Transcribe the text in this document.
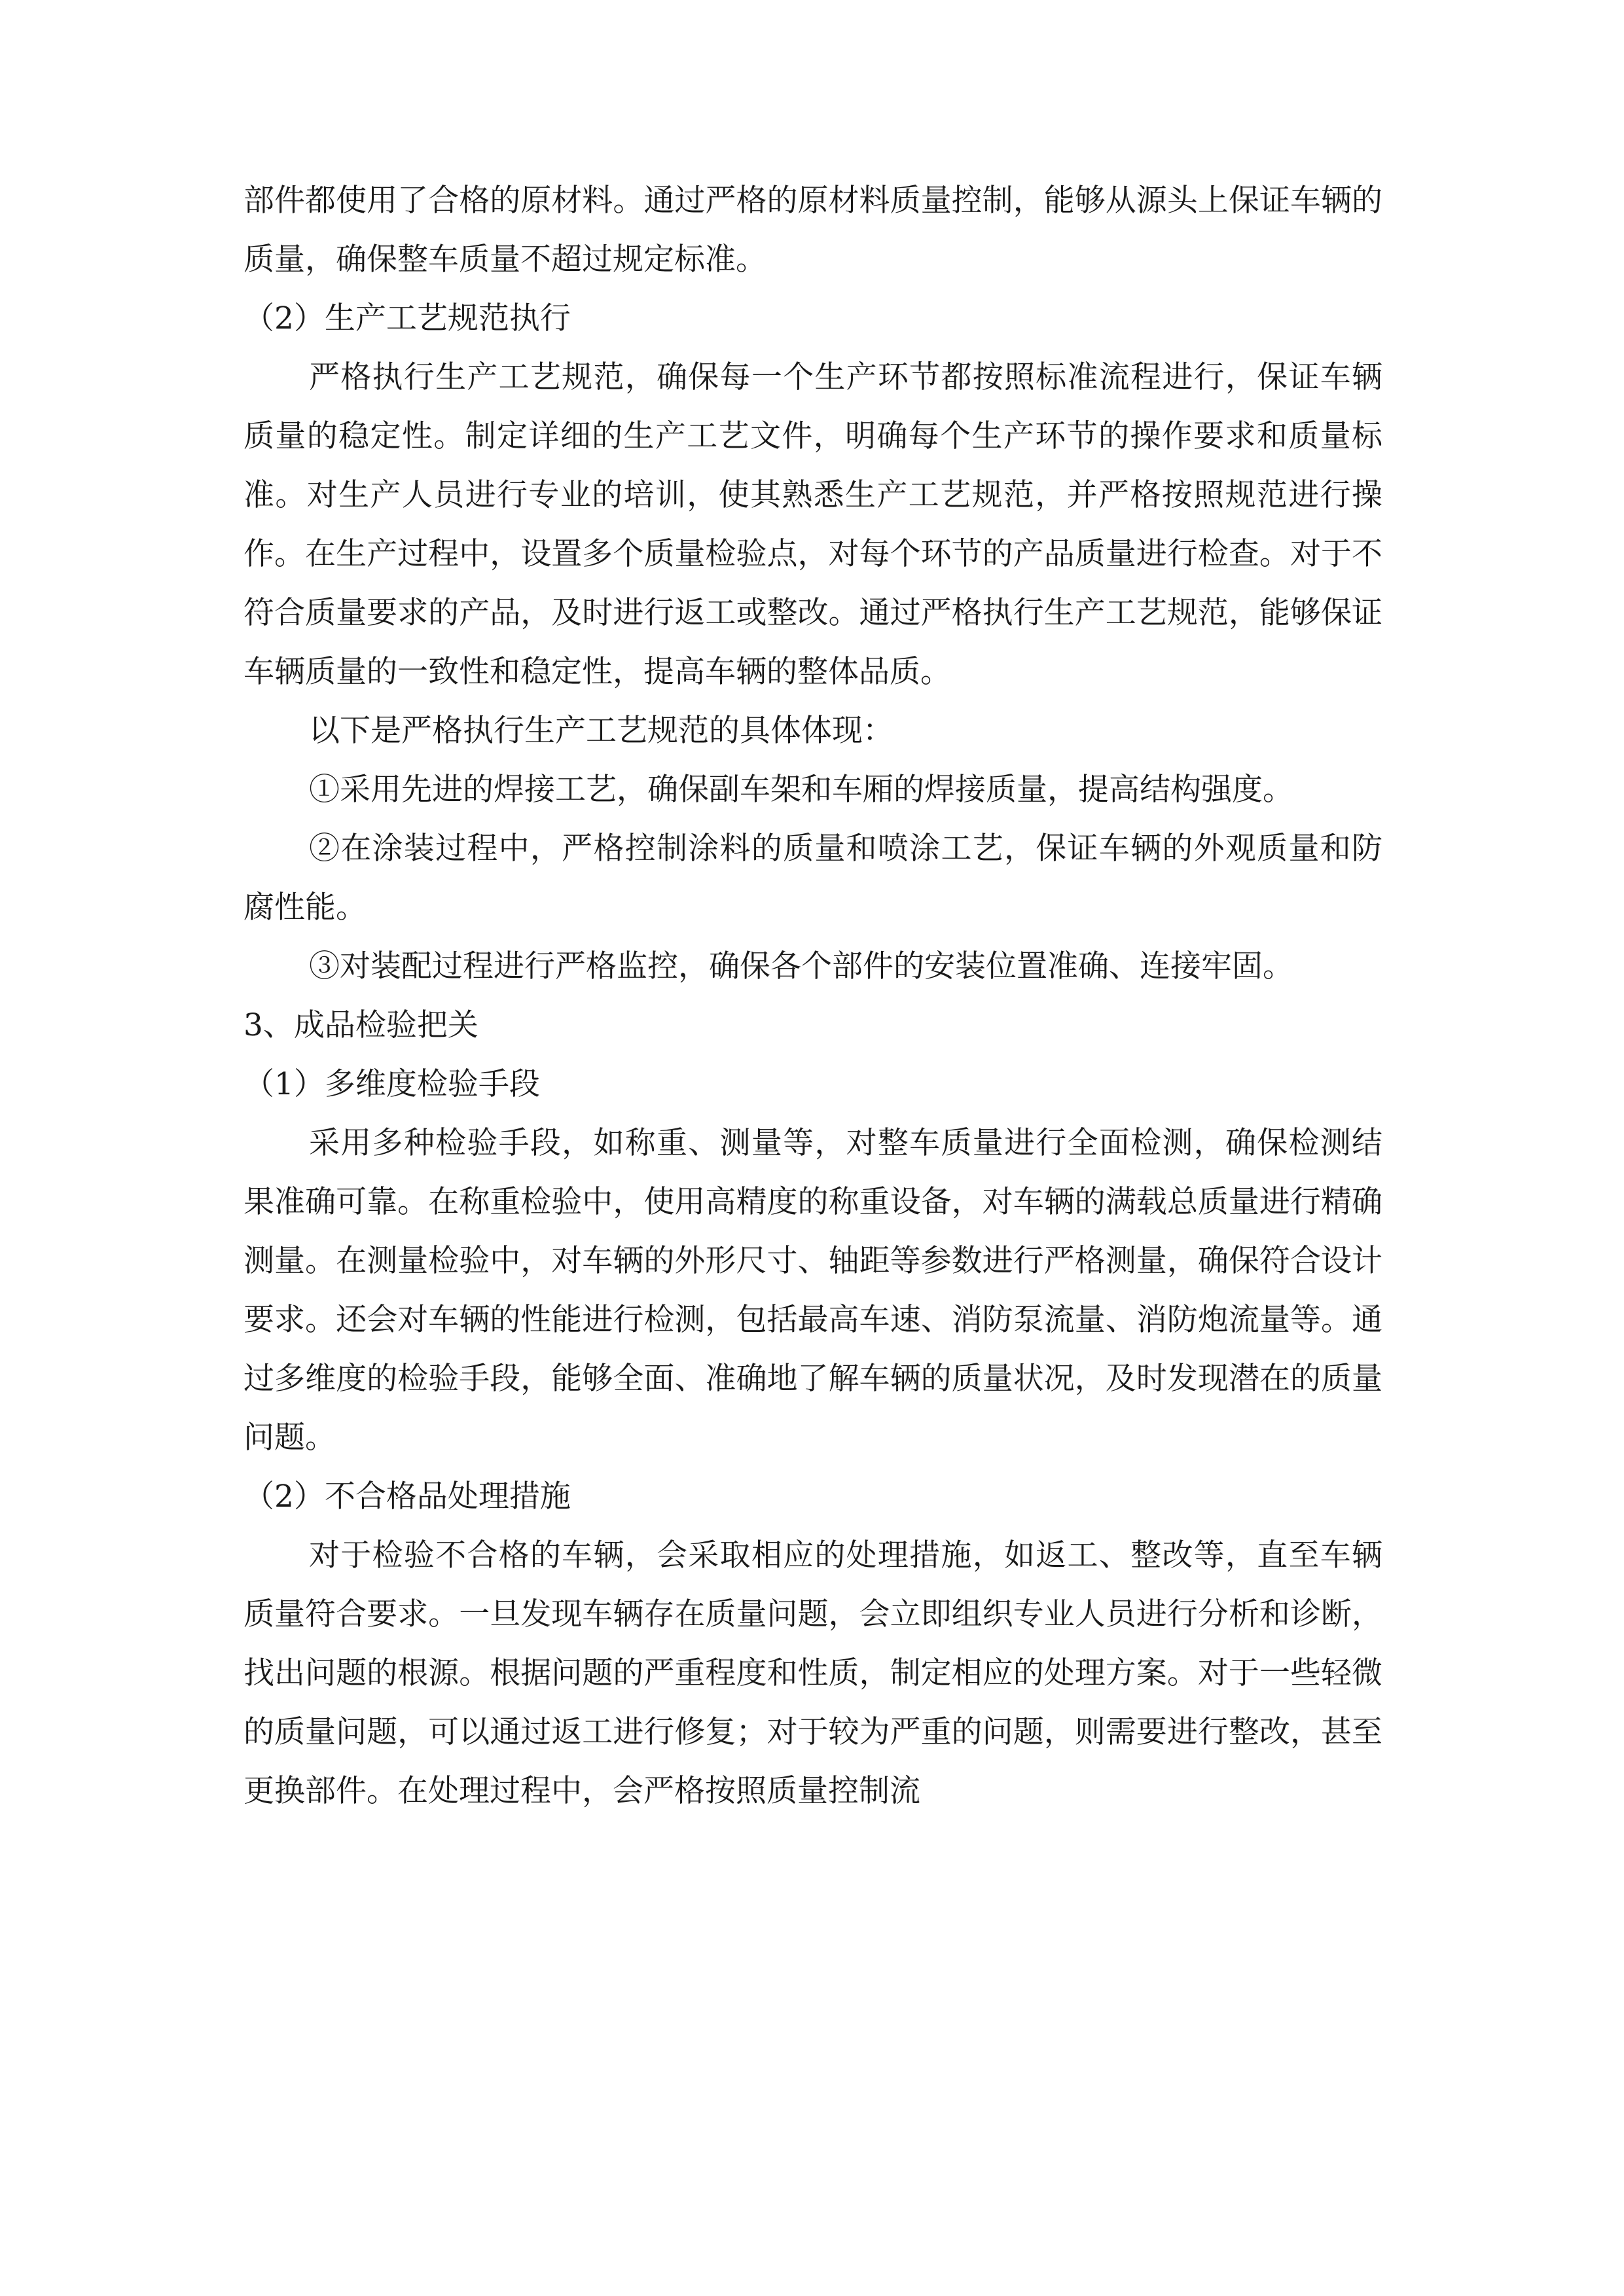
部件都使用了合格的原材料。通过严格的原材料质量控制，能够从源头上保证车辆的质量，确保整车质量不超过规定标准。

（2）生产工艺规范执行

严格执行生产工艺规范，确保每一个生产环节都按照标准流程进行，保证车辆质量的稳定性。制定详细的生产工艺文件，明确每个生产环节的操作要求和质量标准。对生产人员进行专业的培训，使其熟悉生产工艺规范，并严格按照规范进行操作。在生产过程中，设置多个质量检验点，对每个环节的产品质量进行检查。对于不符合质量要求的产品，及时进行返工或整改。通过严格执行生产工艺规范，能够保证车辆质量的一致性和稳定性，提高车辆的整体品质。

以下是严格执行生产工艺规范的具体体现：

①采用先进的焊接工艺，确保副车架和车厢的焊接质量，提高结构强度。

②在涂装过程中，严格控制涂料的质量和喷涂工艺，保证车辆的外观质量和防腐性能。

③对装配过程进行严格监控，确保各个部件的安装位置准确、连接牢固。

3、成品检验把关
（1）多维度检验手段

采用多种检验手段，如称重、测量等，对整车质量进行全面检测，确保检测结果准确可靠。在称重检验中，使用高精度的称重设备，对车辆的满载总质量进行精确测量。在测量检验中，对车辆的外形尺寸、轴距等参数进行严格测量，确保符合设计要求。还会对车辆的性能进行检测，包括最高车速、消防泵流量、消防炮流量等。通过多维度的检验手段，能够全面、准确地了解车辆的质量状况，及时发现潜在的质量问题。

（2）不合格品处理措施

对于检验不合格的车辆，会采取相应的处理措施，如返工、整改等，直至车辆质量符合要求。一旦发现车辆存在质量问题，会立即组织专业人员进行分析和诊断，找出问题的根源。根据问题的严重程度和性质，制定相应的处理方案。对于一些轻微的质量问题，可以通过返工进行修复；对于较为严重的问题，则需要进行整改，甚至更换部件。在处理过程中，会严格按照质量控制流
